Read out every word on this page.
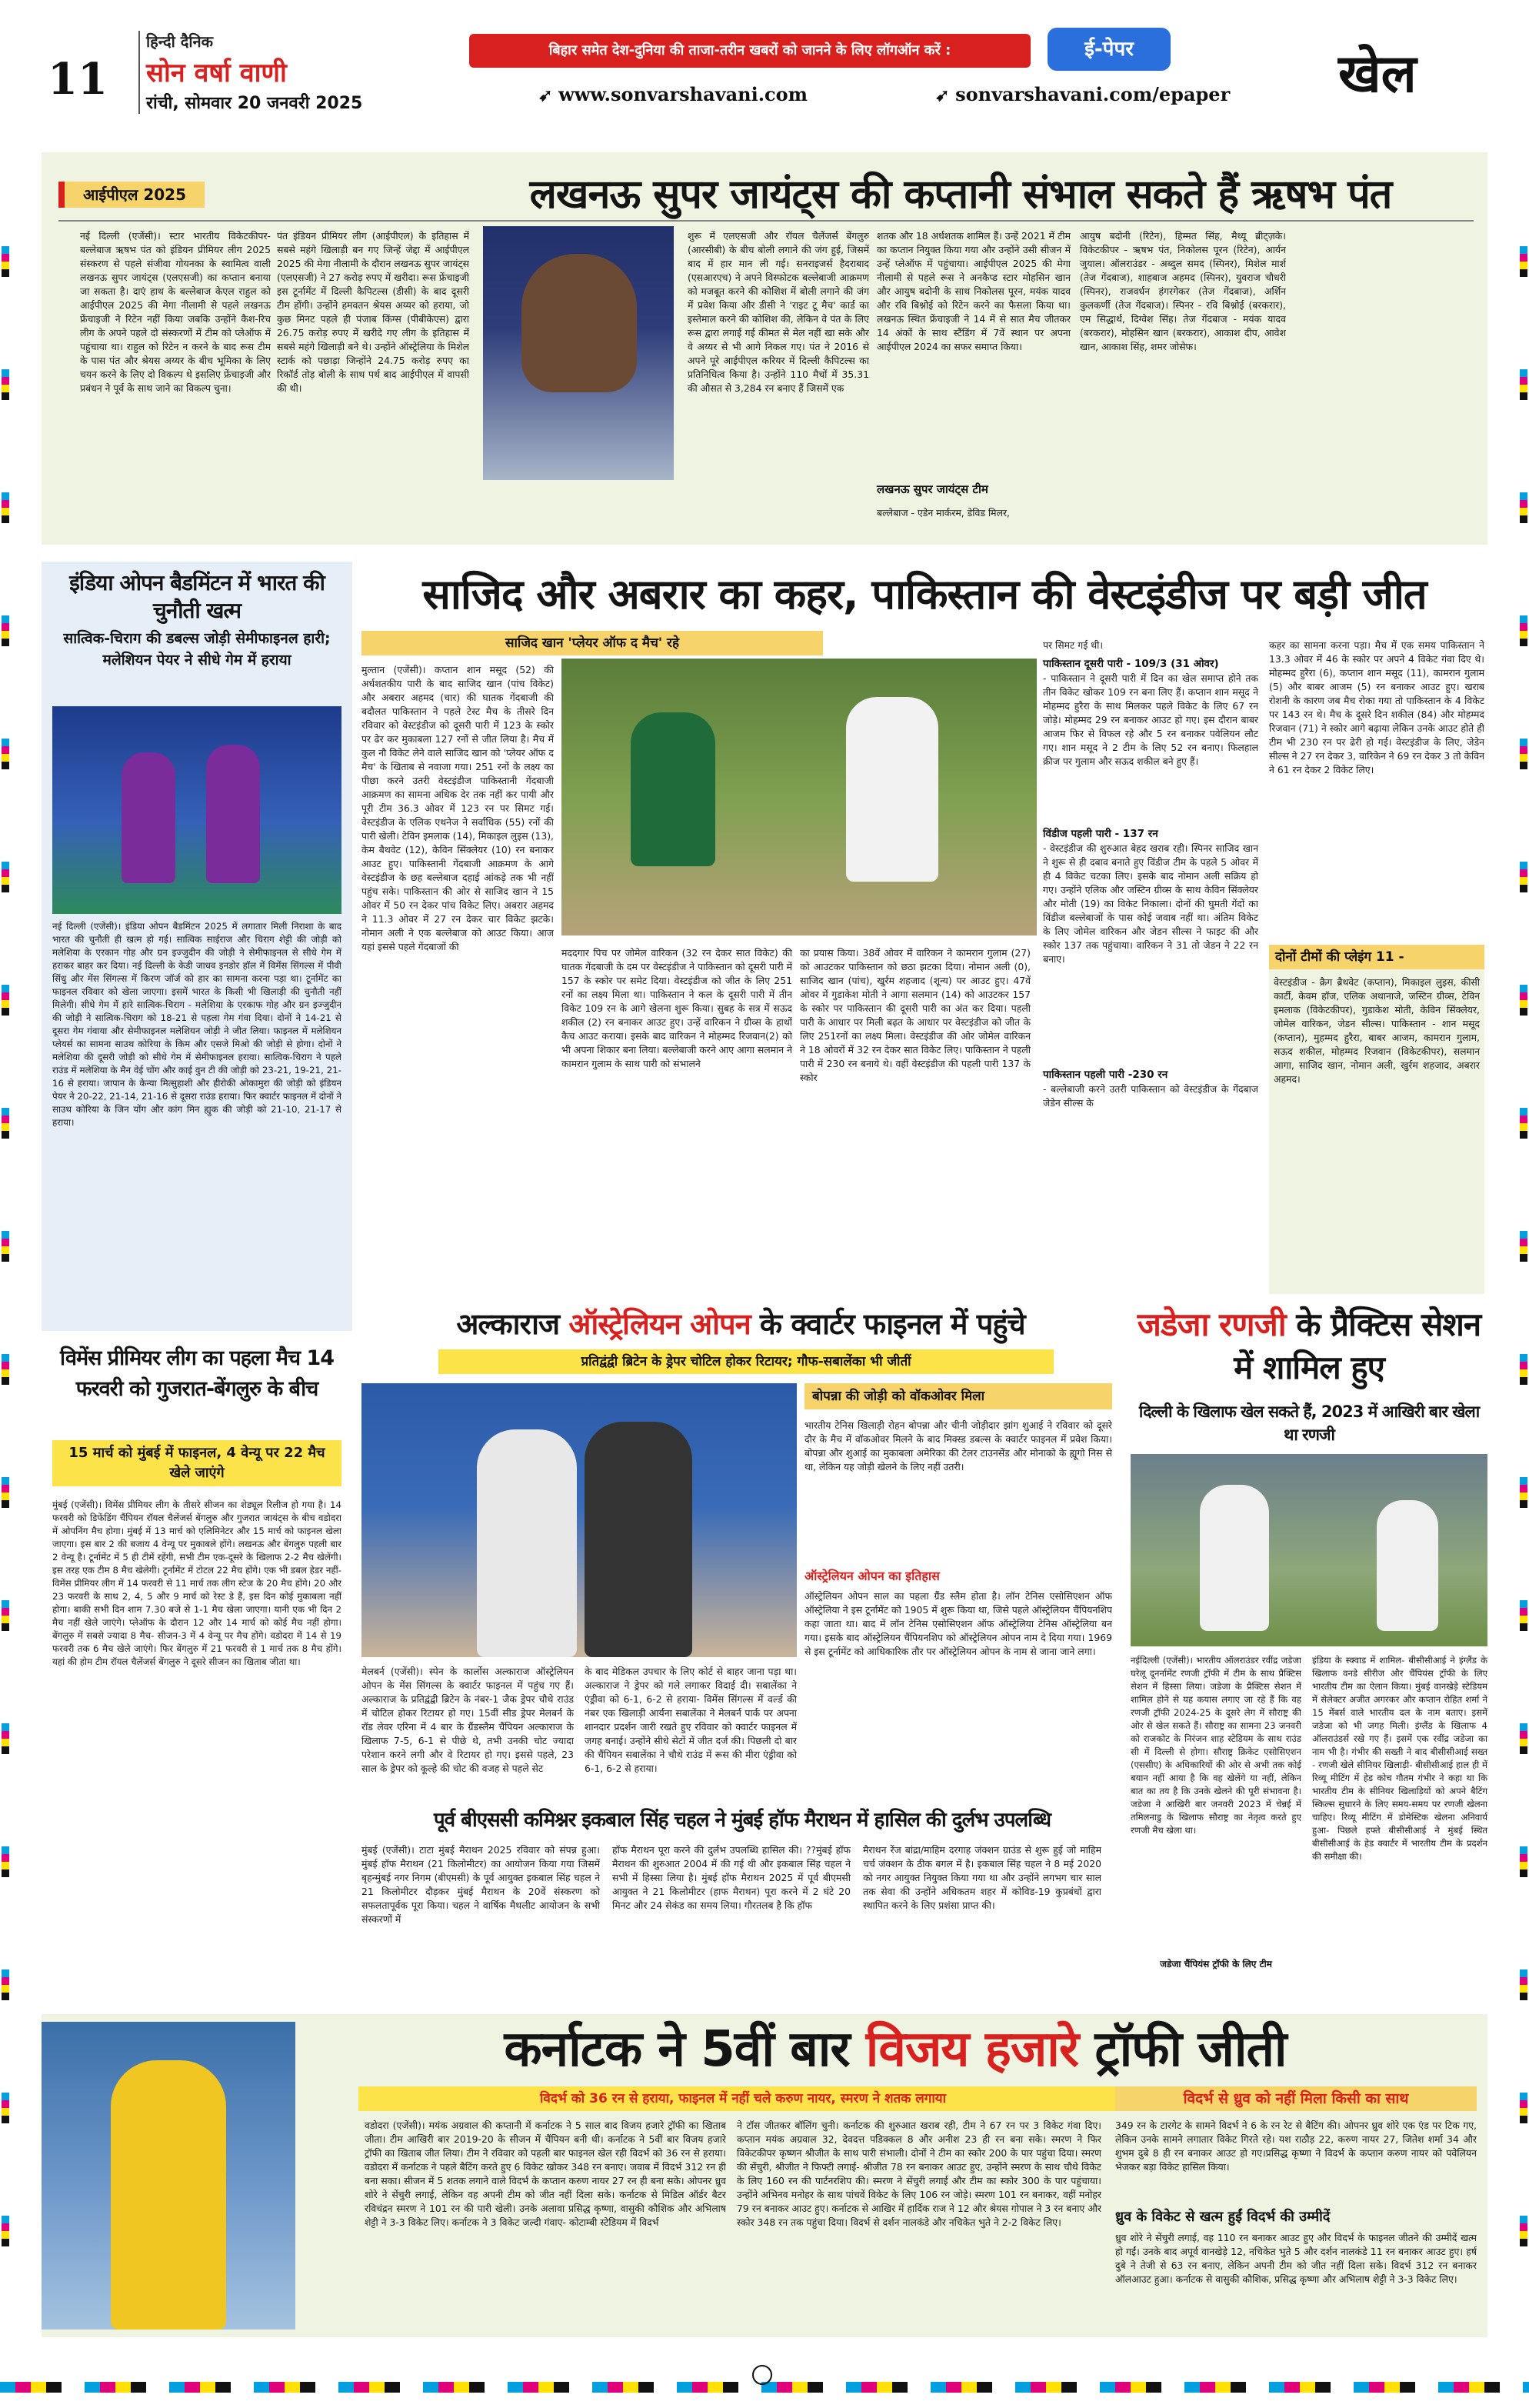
11
हिन्दी दैनिक
सोन वर्षा वाणी
रांची, सोमवार 20 जनवरी 2025
बिहार समेत देश-दुनिया की ताजा-तरीन खबरों को जानने के लिए लॉगऑन करें :	ई-पेपर
➹ www.sonvarshavani.com	➹ sonvarshavani.com/epaper खेल
आईपीएल 2025	लखनऊ सुपर जायंट्स की कप्तानी संभाल सकते हैं ऋषभ पंत
नई दिल्ली (एजेंसी)। स्टार भारतीय विकेटकीपर-बल्लेबाज ऋषभ पंत को इंडियन प्रीमियर लीग 2025 संस्करण से पहले संजीवा गोयनका के स्वामित्व वाली लखनऊ सुपर जायंट्स (एलएसजी) का कप्तान बनाया जा सकता है। दाएं हाथ के बल्लेबाज केएल राहुल को आईपीएल 2025 की मेगा नीलामी से पहले लखनऊ फ्रेंचाइजी ने रिटेन नहीं किया जबकि उन्होंने कैश-रिच लीग के अपने पहले दो संस्करणों में टीम को प्लेऑफ में पहुंचाया था। राहुल को रिटेन न करने के बाद रूस टीम के पास पंत और श्रेयस अय्यर के बीच भूमिका के लिए चयन करने के लिए दो विकल्प थे इसलिए फ्रेंचाइजी और प्रबंधन ने पूर्व के साथ जाने का विकल्प चुना।
पंत इंडियन प्रीमियर लीग (आईपीएल) के इतिहास में सबसे महंगे खिलाड़ी बन गए जिन्हें जेद्दा में आईपीएल 2025 की मेगा नीलामी के दौरान लखनऊ सुपर जायंट्स (एलएसजी) ने 27 करोड़ रुपए में खरीदा। रूस फ्रेंचाइजी इस टूर्नामेंट में दिल्ली कैपिटल्स (डीसी) के बाद दूसरी टीम होंगी। उन्होंने हमवतन श्रेयस अय्यर को हराया, जो कुछ मिनट पहले ही पंजाब किंग्स (पीबीकेएस) द्वारा 26.75 करोड़ रुपए में खरीदे गए लीग के इतिहास में सबसे महंगे खिलाड़ी बने थे। उन्होंने ऑस्ट्रेलिया के मिशेल स्टार्क को पछाड़ा जिन्होंने 24.75 करोड़ रुपए का रिकॉर्ड तोड़ बोली के साथ पर्थ बाद आईपीएल में वापसी की थी।
शुरू में एलएसजी और रॉयल चैलेंजर्स बेंगलुरु (आरसीबी) के बीच बोली लगाने की जंग हुई, जिसमें बाद में हार मान ली गई। सनराइजर्स हैदराबाद (एसआरएच) ने अपने विस्फोटक बल्लेबाजी आक्रमण को मजबूत करने की कोशिश में बोली लगाने की जंग में प्रवेश किया और डीसी ने 'राइट टू मैच' कार्ड का इस्तेमाल करने की कोशिश की, लेकिन वे पंत के लिए रूस द्वारा लगाई गई कीमत से मेल नहीं खा सके और वे अय्यर से भी आगे निकल गए। पंत ने 2016 से अपने पूरे आईपीएल करियर में दिल्ली कैपिटल्स का प्रतिनिधित्व किया है। उन्होंने 110 मैचों में 35.31 की औसत से 3,284 रन बनाए हैं जिसमें एक
शतक और 18 अर्धशतक शामिल हैं। उन्हें 2021 में टीम का कप्तान नियुक्त किया गया और उन्होंने उसी सीजन में उन्हें प्लेऑफ में पहुंचाया। आईपीएल 2025 की मेगा नीलामी से पहले रूस ने अनकैप्ड स्टार मोहसिन खान और आयुष बदोनी के साथ निकोलस पूरन, मयंक यादव और रवि बिश्नोई को रिटेन करने का फैसला किया था। लखनऊ स्थित फ्रेंचाइजी ने 14 में से सात मैच जीतकर 14 अंकों के साथ स्टैंडिंग में 7वें स्थान पर अपना आईपीएल 2024 का सफर समाप्त किया।
लखनऊ सुपर जायंट्स टीम
बल्लेबाज - एडेन मार्करम, डेविड मिलर,
आयुष बदोनी (रिटेन), हिम्मत सिंह, मैथ्यू ब्रीट्ज़के। विकेटकीपर - ऋषभ पंत, निकोलस पूरन (रिटेन), आर्यन जुयाल। ऑलराउंडर - अब्दुल समद (स्पिनर), मिशेल मार्श (तेज गेंदबाज), शाहबाज अहमद (स्पिनर), युवराज चौधरी (स्पिनर), राजवर्धन हंगरगेकर (तेज गेंदबाज), अर्शिन कुलकर्णी (तेज गेंदबाज)। स्पिनर - रवि बिश्नोई (बरकरार), एम सिद्धार्थ, दिग्वेश सिंह। तेज गेंदबाज - मयंक यादव (बरकरार), मोहसिन खान (बरकरार), आकाश दीप, आवेश खान, आकाश सिंह, शमर जोसेफ।
इंडिया ओपन बैडमिंटन में भारत की चुनौती खत्म
सात्विक-चिराग की डबल्स जोड़ी सेमीफाइनल हारी; मलेशियन पेयर ने सीधे गेम में हराया
नई दिल्ली (एजेंसी)। इंडिया ओपन बैडमिंटन 2025 में लगातार मिली निराशा के बाद भारत की चुनौती ही खत्म हो गई। सात्विक साईराज और चिराग शेट्टी की जोड़ी को मलेशिया के एरकान गोह और ग्रन इज्जुदीन की जोड़ी ने सेमीफाइनल से सीधे गेम में हराकर बाहर कर दिया। नई दिल्ली के केडी जाधव इनडोर हॉल में विमेंस सिंगल्स में पीवी सिंधु और मेंस सिंगल्स में किरण जॉर्ज को हार का सामना करना पड़ा था। टूर्नामेंट का फाइनल रविवार को खेला जाएगा। इसमें भारत के किसी भी खिलाड़ी की चुनौती नहीं मिलेगी। सीधे गेम में हारे सात्विक-चिराग - मलेशिया के एरकाफ गोह और ग्रन इज्जुदीन की जोड़ी ने सात्विक-चिराग को 18-21 से पहला गेम गंवा दिया। दोनों ने 14-21 से दूसरा गेम गंवाया और सेमीफाइनल मलेशियन जोड़ी ने जीत लिया। फाइनल में मलेशियन प्लेयर्स का सामना साउथ कोरिया के किम और एसजे मिओ की जोड़ी से होगा। दोनों ने मलेशिया की दूसरी जोड़ी को सीधे गेम में सेमीफाइनल हराया। सात्विक-चिराग ने पहले राउंड में मलेशिया के मैन वेई चोंग और काई वुन टी की जोड़ी को 23-21, 19-21, 21-16 से हराया। जापान के केन्या मित्सुहाशी और हीरोकी ओकामुरा की जोड़ी को इंडियन पेयर ने 20-22, 21-14, 21-16 से दूसरा राउंड हराया। फिर क्वार्टर फाइनल में दोनों ने साउथ कोरिया के जिन योंग और कांग मिन ह्युक की जोड़ी को 21-10, 21-17 से हराया।
विमेंस प्रीमियर लीग का पहला मैच 14 फरवरी को गुजरात-बेंगलुरु के बीच
15 मार्च को मुंबई में फाइनल, 4 वेन्यू पर 22 मैच खेले जाएंगे
मुंबई (एजेंसी)। विमेंस प्रीमियर लीग के तीसरे सीजन का शेड्यूल रिलीज हो गया है। 14 फरवरी को डिफेंडिंग चैंपियन रॉयल चैलेंजर्स बेंगलुरु और गुजरात जायंट्स के बीच वडोदरा में ओपनिंग मैच होगा। मुंबई में 13 मार्च को एलिमिनेटर और 15 मार्च को फाइनल खेला जाएगा। इस बार 2 की बजाय 4 वेन्यू पर मुकाबले होंगे। लखनऊ और बेंगलुरु पहली बार 2 वेन्यू है। टूर्नामेंट में 5 ही टीमें रहेंगी, सभी टीम एक-दूसरे के खिलाफ 2-2 मैच खेलेंगी। इस तरह एक टीम 8 मैच खेलेगी। टूर्नामेंट में टोटल 22 मैच होंगे। एक भी डबल हेडर नहीं- विमेंस प्रीमियर लीग में 14 फरवरी से 11 मार्च तक लीग स्टेज के 20 मैच होंगे। 20 और 23 फरवरी के साथ 2, 4, 5 और 9 मार्च को रेस्ट डे हैं, इस दिन कोई मुकाबला नहीं होगा। बाकी सभी दिन शाम 7.30 बजे से 1-1 मैच खेला जाएगा। यानी एक भी दिन 2 मैच नहीं खेले जाएंगे। प्लेऑफ के दौरान 12 और 14 मार्च को कोई मैच नहीं होगा। बेंगलुरु में सबसे ज्यादा 8 मैच- सीजन-3 में 4 वेन्यू पर मैच होंगे। वडोदरा में 14 से 19 फरवरी तक 6 मैच खेले जाएंगे। फिर बेंगलुरु में 21 फरवरी से 1 मार्च तक 8 मैच होंगे। यहां की होम टीम रॉयल चैलेंजर्स बेंगलुरु ने दूसरे सीजन का खिताब जीता था।
साजिद और अबरार का कहर, पाकिस्तान की वेस्टइंडीज पर बड़ी जीत
साजिद खान 'प्लेयर ऑफ द मैच' रहे
मुल्तान (एजेंसी)। कप्तान शान मसूद (52) की अर्धशतकीय पारी के बाद साजिद खान (पांच विकेट) और अबरार अहमद (चार) की घातक गेंदबाजी की बदौलत पाकिस्तान ने पहले टेस्ट मैच के तीसरे दिन रविवार को वेस्टइंडीज को दूसरी पारी में 123 के स्कोर पर ढेर कर मुकाबला 127 रनों से जीत लिया है। मैच में कुल नौ विकेट लेने वाले साजिद खान को 'प्लेयर ऑफ द मैच' के खिताब से नवाजा गया। 251 रनों के लक्ष्य का पीछा करने उतरी वेस्टइंडीज पाकिस्तानी गेंदबाजी आक्रमण का सामना अधिक देर तक नहीं कर पायी और पूरी टीम 36.3 ओवर में 123 रन पर सिमट गई। वेस्टइंडीज के एलिक एथनेज ने सर्वाधिक (55) रनों की पारी खेली। टेविन इमलाक (14), मिकाइल लुइस (13), केम बैथवेट (12), केविन सिंक्लेयर (10) रन बनाकर आउट हुए। पाकिस्तानी गेंदबाजी आक्रमण के आगे वेस्टइंडीज के छह बल्लेबाज दहाई आंकड़े तक भी नहीं पहुंच सके। पाकिस्तान की ओर से साजिद खान ने 15 ओवर में 50 रन देकर पांच विकेट लिए। अबरार अहमद ने 11.3 ओवर में 27 रन देकर चार विकेट झटके। नोमान अली ने एक बल्लेबाज को आउट किया। आज यहां इससे पहले गेंदबाजों की
मददगार पिच पर जोमेल वारिकन (32 रन देकर सात विकेट) की घातक गेंदबाजी के दम पर वेस्टइंडीज ने पाकिस्तान को दूसरी पारी में 157 के स्कोर पर समेट दिया। वेस्टइंडीज को जीत के लिए 251 रनों का लक्ष्य मिला था। पाकिस्तान ने कल के दूसरी पारी में तीन विकेट 109 रन के आगे खेलना शुरू किया। सुबह के सत्र में सऊद शकील (2) रन बनाकर आउट हुए। उन्हें वारिकन ने ग्रीव्स के हाथों कैच आउट कराया। इसके बाद वारिकन ने मोहम्मद रिजवान(2) को भी अपना शिकार बना लिया। बल्लेबाजी करने आए आगा सलमान ने कामरान गुलाम के साथ पारी को संभालने
का प्रयास किया। 38वें ओवर में वारिकन ने कामरान गुलाम (27) को आउटकर पाकिस्तान को छठा झटका दिया। नोमान अली (0), साजिद खान (पांच), खुर्रम शहजाद (शून्य) पर आउट हुए। 47वें ओवर में गुडाकेश मोती ने आगा सलमान (14) को आउटकर 157 के स्कोर पर पाकिस्तान की दूसरी पारी का अंत कर दिया। पहली पारी के आधार पर मिली बढ़त के आधार पर वेस्टइंडीज को जीत के लिए 251रनों का लक्ष्य मिला। वेस्टइंडीज की ओर जोमेल वारिकन ने 18 ओवरों में 32 रन देकर सात विकेट लिए। पाकिस्तान ने पहली पारी में 230 रन बनाये थे। वहीं वेस्टइंडीज की पहली पारी 137 के स्कोर
पर सिमट गई थी।
पाकिस्तान दूसरी पारी - 109/3 (31 ओवर)
- पाकिस्तान ने दूसरी पारी में दिन का खेल समाप्त होने तक तीन विकेट खोकर 109 रन बना लिए हैं। कप्तान शान मसूद ने मोहम्मद हुरैरा के साथ मिलकर पहले विकेट के लिए 67 रन जोड़े। मोहम्मद 29 रन बनाकर आउट हो गए। इस दौरान बाबर आजम फिर से विफल रहे और 5 रन बनाकर पवेलियन लौट गए। शान मसूद ने 2 टीम के लिए 52 रन बनाए। फिलहाल क्रीज पर गुलाम और सऊद शकील बने हुए हैं।
विंडीज पहली पारी - 137 रन
- वेस्टइंडीज की शुरुआत बेहद खराब रही। स्पिनर साजिद खान ने शुरू से ही दबाव बनाते हुए विंडीज टीम के पहले 5 ओवर में ही 4 विकेट चटका लिए। इसके बाद नोमान अली सक्रिय हो गए। उन्होंने एलिक और जस्टिन ग्रीव्स के साथ केविन सिंक्लेयर और मोती (19) का विकेट निकाला। दोनों की घुमती गेंदों का विंडीज बल्लेबाजों के पास कोई जवाब नहीं था। अंतिम विकेट के लिए जोमेल वारिकन और जेडन सील्स ने फाइट की और स्कोर 137 तक पहुंचाया। वारिकन ने 31 तो जेडन ने 22 रन बनाए।
पाकिस्तान पहली पारी -230 रन
- बल्लेबाजी करने उतरी पाकिस्तान को वेस्टइंडीज के गेंदबाज जेडेन सील्स के
कहर का सामना करना पड़ा। मैच में एक समय पाकिस्तान ने 13.3 ओवर में 46 के स्कोर पर अपने 4 विकेट गंवा दिए थे। मोहम्मद हुरैरा (6), कप्तान शान मसूद (11), कामरान गुलाम (5) और बाबर आजम (5) रन बनाकर आउट हुए। खराब रोशनी के कारण जब मैच रोका गया तो पाकिस्तान के 4 विकेट पर 143 रन थे। मैच के दूसरे दिन शकील (84) और मोहम्मद रिजवान (71) ने स्कोर आगे बढ़ाया लेकिन उनके आउट होते ही टीम भी 230 रन पर ढेरी हो गई। वेस्टइंडीज के लिए, जेडेन सील्स ने 27 रन देकर 3, वारिकेन ने 69 रन देकर 3 तो केविन ने 61 रन देकर 2 विकेट लिए।
दोनों टीमों की प्लेइंग 11 -
वेस्टइंडीज - क्रैग ब्रैथवेट (कप्तान), मिकाइल लुइस, कीसी कार्टी, केवम हॉज, एलिक अथानाजे, जस्टिन ग्रीव्स, टेविन इमलाक (विकेटकीपर), गुडाकेश मोती, केविन सिंक्लेयर, जोमेल वारिकन, जेडन सील्स। पाकिस्तान - शान मसूद (कप्तान), मुहम्मद हुरैरा, बाबर आजम, कामरान गुलाम, सऊद शकील, मोहम्मद रिजवान (विकेटकीपर), सलमान आगा, साजिद खान, नोमान अली, खुर्रम शहजाद, अबरार अहमद।
अल्काराज ऑस्ट्रेलियन ओपन के क्वार्टर फाइनल में पहुंचे
प्रतिद्वंद्वी ब्रिटेन के ड्रेपर चोटिल होकर रिटायर; गौफ-सबालेंका भी जीतीं
बोपन्ना की जोड़ी को वॉकओवर मिला
भारतीय टेनिस खिलाड़ी रोहन बोपन्ना और चीनी जोड़ीदार झांग शुआई ने रविवार को दूसरे दौर के मैच में वॉकओवर मिलने के बाद मिक्स्ड डबल्स के क्वार्टर फाइनल में प्रवेश किया। बोपन्ना और शुआई का मुकाबला अमेरिका की टेलर टाउनसेंड और मोनाको के ह्यूगो निस से था, लेकिन यह जोड़ी खेलने के लिए नहीं उतरी।
ऑस्ट्रेलियन ओपन का इतिहास
ऑस्ट्रेलियन ओपन साल का पहला ग्रैंड स्लैम होता है। लॉन टेनिस एसोसिएशन ऑफ ऑस्ट्रेलिया ने इस टूर्नामेंट को 1905 में शुरू किया था, जिसे पहले ऑस्ट्रेलियन चैंपियनशिप कहा जाता था। बाद में लॉन टेनिस एसोसिएशन ऑफ ऑस्ट्रेलिया टेनिस ऑस्ट्रेलिया बन गया। इसके बाद ऑस्ट्रेलियन चैंपियनशिप को ऑस्ट्रेलियन ओपन नाम दे दिया गया। 1969 से इस टूर्नामेंट को आधिकारिक तौर पर ऑस्ट्रेलियन ओपन के नाम से जाना जाने लगा।
मेलबर्न (एजेंसी)। स्पेन के कार्लोस अल्काराज ऑस्ट्रेलियन ओपन के मेंस सिंगल्स के क्वार्टर फाइनल में पहुंच गए हैं। अल्काराज के प्रतिद्वंद्वी ब्रिटेन के नंबर-1 जैक ड्रेपर चौथे राउंड में चोटिल होकर रिटायर हो गए। 15वीं सीड ड्रेपर मेलबर्न के रॉड लेवर एरिना में 4 बार के ग्रैंडस्लैम चैंपियन अल्काराज के खिलाफ 7-5, 6-1 से पीछे थे, तभी उनकी चोट ज्यादा परेशान करने लगी और वे रिटायर हो गए। इससे पहले, 23 साल के ड्रेपर को कूल्हे की चोट की वजह से पहले सेट
के बाद मेडिकल उपचार के लिए कोर्ट से बाहर जाना पड़ा था।अल्काराज ने ड्रेपर को गले लगाकर विदाई दी। सबालेंका ने एंड्रीवा को 6-1, 6-2 से हराया- विमेंस सिंगल्स में वर्ल्ड की नंबर एक खिलाड़ी आर्यना सबालेंका ने मेलबर्न पार्क पर अपना शानदार प्रदर्शन जारी रखते हुए रविवार को क्वार्टर फाइनल में जगह बनाई। उन्होंने सीधे सेटों में जीत दर्ज की। पिछली दो बार की चैंपियन सबालेंका ने चौथे राउंड में रूस की मीरा एंड्रीवा को 6-1, 6-2 से हराया।
जडेजा रणजी के प्रैक्टिस सेशन में शामिल हुए
दिल्ली के खिलाफ खेल सकते हैं, 2023 में आखिरी बार खेला था रणजी
नईदिल्ली (एजेंसी)। भारतीय ऑलराउंडर रवींद्र जडेजा घरेलू दूनर्नामेंट रणजी ट्रॉफी में टीम के साथ प्रैक्टिस सेशन में हिस्सा लिया। जडेजा के प्रैक्टिस सेशन में शामिल होने से यह कयास लगाए जा रहे हैं कि वह रणजी ट्रॉफी 2024-25 के दूसरे लेग में सौराष्ट्र की ओर से खेल सकते हैं। सौराष्ट्र का सामना 23 जनवरी को राजकोट के निरंजन शाह स्टेडियम के साथ राउंड सी में दिल्ली से होगा। सौराष्ट्र क्रिकेट एसोसिएशन (एससीए) के अधिकारियों की ओर से अभी तक कोई बयान नहीं आया है कि वह खेलेंगे या नहीं, लेकिन बात का तय है कि उनके खेलने की पूरी संभावना है। जडेजा ने आखिरी बार जनवरी 2023 में चेन्नई में तमिलनाडु के खिलाफ सौराष्ट्र का नेतृत्व करते हुए रणजी मैच खेला था।
जडेजा चैंपियंस ट्रॉफी के लिए टीम
इंडिया के स्क्वाड में शामिल- बीसीसीआई ने इंग्लैंड के खिलाफ वनडे सीरीज और चैंपियंस ट्रॉफी के लिए भारतीय टीम का ऐलान किया। मुंबई वानखेड़े स्टेडियम में सेलेक्टर अजीत अगरकर और कप्तान रोहित शर्मा ने 15 मेंबर्स वाले भारतीय दल के नाम बताए। इसमें जडेजा को भी जगह मिली। इंग्लैंड के खिलाफ 4 ऑलराउंडर्स रखे गए हैं। इसमें एक रवींद्र जडेजा का नाम भी है। गंभीर की सख्ती ने बाद बीसीसीआई सख्त - रणजी खेले सीनियर खिलाड़ी- बीसीसीआई हाल ही में रिव्यू मीटिंग में हेड कोच गौतम गंभीर ने कहा था कि भारतीय टीम के सीनियर खिलाड़ियों को अपने बैटिंग स्किल्स सुधारने के लिए समय-समय पर रणजी खेलना चाहिए। रिव्यू मीटिंग में डोमेस्टिक खेलना अनिवार्य हुआ- पिछले हफ्ते बीसीसीआई ने मुंबई स्थित बीसीसीआई के हेड क्वार्टर में भारतीय टीम के प्रदर्शन की समीक्षा की।
पूर्व बीएससी कमिश्नर इकबाल सिंह चहल ने मुंबई हॉफ मैराथन में हासिल की दुर्लभ उपलब्धि
मुंबई (एजेंसी)। टाटा मुंबई मैराथन 2025 रविवार को संपन्न हुआ। मुंबई हॉफ मैराथन (21 किलोमीटर) का आयोजन किया गया जिसमें बृहन्मुंबई नगर निगम (बीएमसी) के पूर्व आयुक्त इकबाल सिंह चहल ने 21 किलोमीटर दौड़कर मुंबई मैराथन के 20वें संस्करण को सफलतापूर्वक पूरा किया। चहल ने वार्षिक मैथलीट आयोजन के सभी संस्करणों में
हॉफ मैराथन पूरा करने की दुर्लभ उपलब्धि हासिल की। ??मुंबई हॉफ मैराथन की शुरुआत 2004 में की गई थी और इकबाल सिंह चहल ने सभी में हिस्सा लिया है। मुंबई हॉफ मैराथन 2025 में पूर्व बीएमसी आयुक्त ने 21 किलोमीटर (हाफ मैराथन) पूरा करने में 2 घंटे 20 मिनट और 24 सेकंड का समय लिया। गौरतलब है कि हॉफ
मैराथन रेंज बांद्रा/माहिम दरगाह जंक्शन ग्राउंड से शुरू हुई जो माहिम चर्च जंक्शन के ठीक बगल में है। इकबाल सिंह चहल ने 8 मई 2020 को नगर आयुक्त नियुक्त किया गया था और उन्होंने लगभग चार साल तक सेवा की उन्होंने अधिकतम शहर में कोविड-19 कुप्रबंधों द्वारा स्थापित करने के लिए प्रशंसा प्राप्त की।
कर्नाटक ने 5वीं बार विजय हजारे ट्रॉफी जीती
विदर्भ को 36 रन से हराया, फाइनल में नहीं चले करुण नायर, स्मरण ने शतक लगाया
वडोदरा (एजेंसी)। मयंक अग्रवाल की कप्तानी में कर्नाटक ने 5 साल बाद विजय हजारे ट्रॉफी का खिताब जीता। टीम आखिरी बार 2019-20 के सीजन में चैंपियन बनी थी। कर्नाटक ने 5वीं बार विजय हजारे ट्रॉफी का खिताब जीत लिया। टीम ने रविवार को पहली बार फाइनल खेल रही विदर्भ को 36 रन से हराया। वडोदरा में कर्नाटक ने पहले बैटिंग करते हुए 6 विकेट खोकर 348 रन बनाए। जवाब में विदर्भ 312 रन ही बना सका। सीजन में 5 शतक लगाने वाले विदर्भ के कप्तान करुण नायर 27 रन ही बना सके। ओपनर ध्रुव शोरे ने सेंचुरी लगाई, लेकिन वह अपनी टीम को जीत नहीं दिला सके। कर्नाटक से मिडिल ऑर्डर बैटर रविचंद्रन स्मरण ने 101 रन की पारी खेली। उनके अलावा प्रसिद्ध कृष्णा, वासुकी कौशिक और अभिलाष शेट्टी ने 3-3 विकेट लिए। कर्नाटक ने 3 विकेट जल्दी गंवाए- कोटाम्बी स्टेडियम में विदर्भ
ने टॉस जीतकर बॉलिंग चुनी। कर्नाटक की शुरुआत खराब रही, टीम ने 67 रन पर 3 विकेट गंवा दिए। कप्तान मयंक अग्रवाल 32, देवदत्त पडिक्कल 8 और अनीश 23 ही रन बना सके। स्मरण ने फिर विकेटकीपर कृष्णन श्रीजीत के साथ पारी संभाली। दोनों ने टीम का स्कोर 200 के पार पहुंचा दिया। स्मरण की सेंचुरी, श्रीजीत ने फिफ्टी लगाई- श्रीजीत 78 रन बनाकर आउट हुए, उन्होंने स्मरण के साथ चौथे विकेट के लिए 160 रन की पार्टनरशिप की। स्मरण ने सेंचुरी लगाई और टीम का स्कोर 300 के पार पहुंचाया। उन्होंने अभिनव मनोहर के साथ पांचवें विकेट के लिए 106 रन जोड़े। स्मरण 101 रन बनाकर, वहीं मनोहर 79 रन बनाकर आउट हुए। कर्नाटक से आखिर में हार्दिक राज ने 12 और श्रेयस गोपाल ने 3 रन बनाए और स्कोर 348 रन तक पहुंचा दिया। विदर्भ से दर्शन नालकंडे और नचिकेत भुते ने 2-2 विकेट लिए।
विदर्भ से ध्रुव को नहीं मिला किसी का साथ
349 रन के टारगेट के सामने विदर्भ ने 6 के रन रेट से बैटिंग की। ओपनर ध्रुव शोरे एक एंड पर टिक गए, लेकिन उनके सामने लगातार विकेट गिरते रहे। यश राठौड़ 22, करुण नायर 27, जितेश शर्मा 34 और शुभम दुबे 8 ही रन बनाकर आउट हो गए।प्रसिद्ध कृष्णा ने विदर्भ के कप्तान करुण नायर को पवेलियन भेजकर बड़ा विकेट हासिल किया।
ध्रुव के विकेट से खत्म हुईं विदर्भ की उम्मीदें
ध्रुव शोरे ने सेंचुरी लगाई, वह 110 रन बनाकर आउट हुए और विदर्भ के फाइनल जीतने की उम्मीदें खत्म हो गईं। उनके बाद अपूर्व वानखेड़े 12, नचिकेत भुते 5 और दर्शन नालकंडे 11 रन बनाकर आउट हुए। हर्ष दुबे ने तेजी से 63 रन बनाए, लेकिन अपनी टीम को जीत नहीं दिला सके। विदर्भ 312 रन बनाकर ऑलआउट हुआ। कर्नाटक से वासुकी कौशिक, प्रसिद्ध कृष्णा और अभिलाष शेट्टी ने 3-3 विकेट लिए।
